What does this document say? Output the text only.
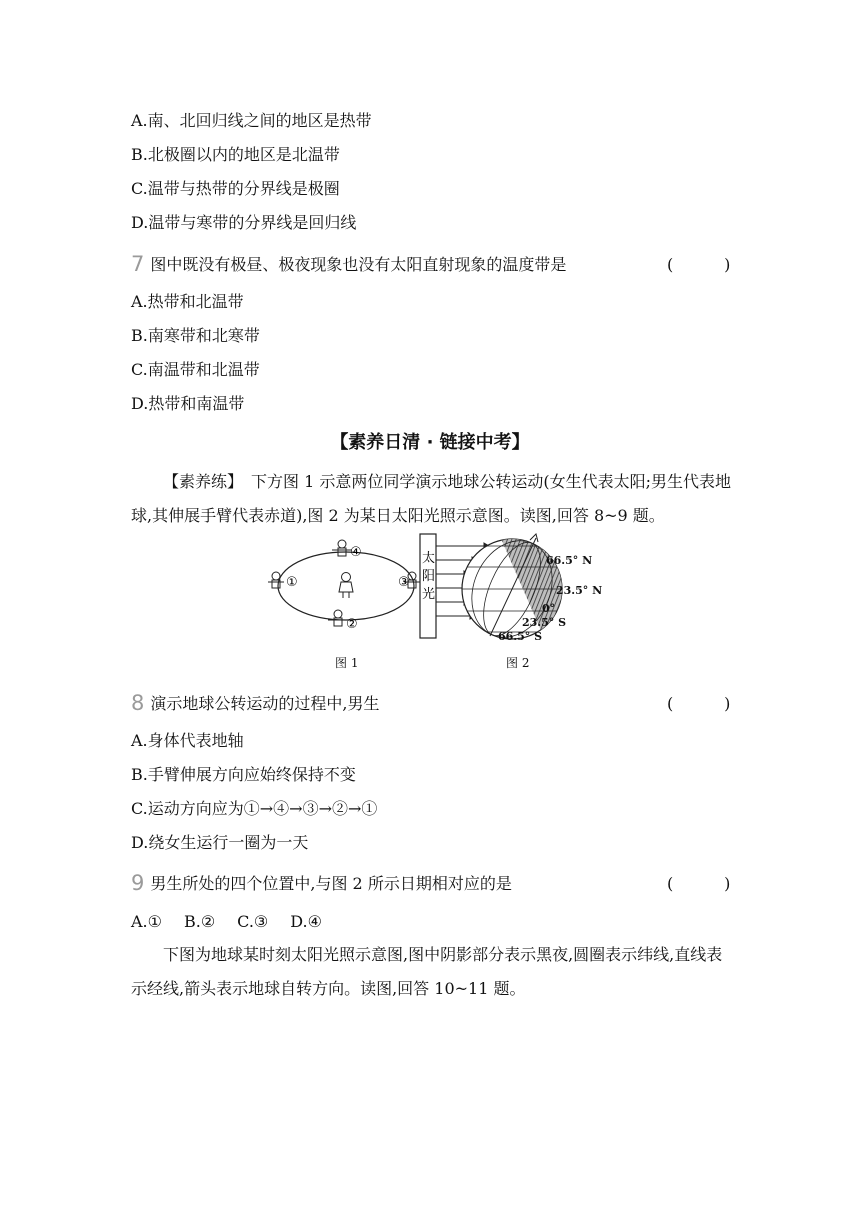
A.南、北回归线之间的地区是热带
B.北极圈以内的地区是北温带
C.温带与热带的分界线是极圈
D.温带与寒带的分界线是回归线
7 图中既没有极昼、极夜现象也没有太阳直射现象的温度带是	(          )
A.热带和北温带
B.南寒带和北寒带
C.南温带和北温带
D.热带和南温带
【素养日清 · 链接中考】
【素养练】　下方图 1 示意两位同学演示地球公转运动(女生代表太阳;男生代表地球,其伸展手臂代表赤道),图 2 为某日太阳光照示意图。读图,回答 8~9 题。
①
②
③
④	太
阳
光
66.5° N
23.5° N
0°
23.5° S
66.5° S
图 1	图 2
8 演示地球公转运动的过程中,男生	(          )
A.身体代表地轴
B.手臂伸展方向应始终保持不变
C.运动方向应为①→④→③→②→①
D.绕女生运行一圈为一天
9 男生所处的四个位置中,与图 2 所示日期相对应的是	(          )
A.① B.② C.③ D.④
下图为地球某时刻太阳光照示意图,图中阴影部分表示黑夜,圆圈表示纬线,直线表示经线,箭头表示地球自转方向。读图,回答 10~11 题。
